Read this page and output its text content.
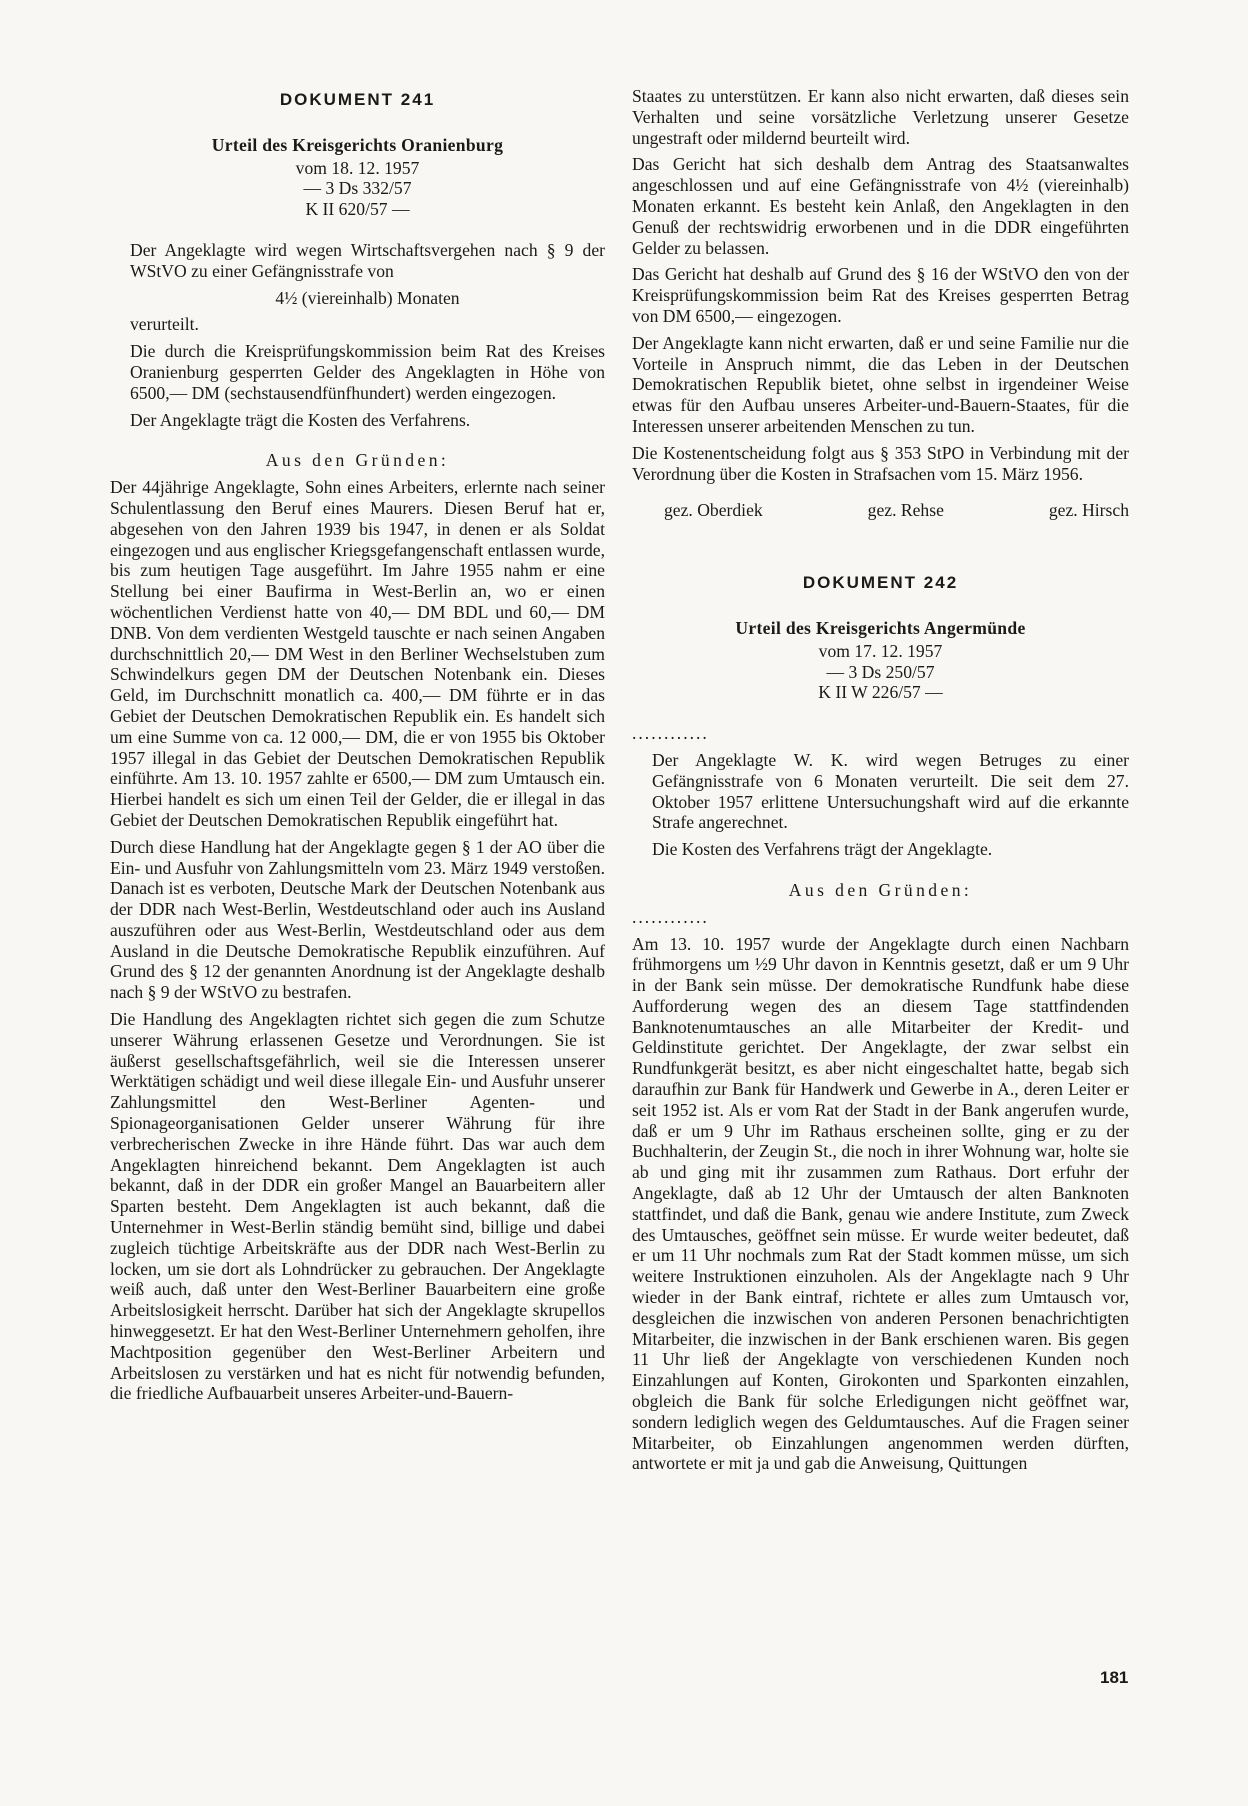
DOKUMENT 241
Urteil des Kreisgerichts Oranienburg
vom 18. 12. 1957
— 3 Ds 332/57
K II 620/57 —

Der Angeklagte wird wegen Wirtschaftsvergehen nach § 9 der WStVO zu einer Gefängnisstrafe von

4½ (viereinhalb) Monaten

verurteilt.

Die durch die Kreisprüfungskommission beim Rat des Kreises Oranienburg gesperrten Gelder des Angeklagten in Höhe von 6500,— DM (sechstausendfünfhundert) werden eingezogen.

Der Angeklagte trägt die Kosten des Verfahrens.

Aus den Gründen:

Der 44jährige Angeklagte, Sohn eines Arbeiters, erlernte nach seiner Schulentlassung den Beruf eines Maurers. Diesen Beruf hat er, abgesehen von den Jahren 1939 bis 1947, in denen er als Soldat eingezogen und aus englischer Kriegsgefangenschaft entlassen wurde, bis zum heutigen Tage ausgeführt. Im Jahre 1955 nahm er eine Stellung bei einer Baufirma in West-Berlin an, wo er einen wöchentlichen Verdienst hatte von 40,— DM BDL und 60,— DM DNB. Von dem verdienten Westgeld tauschte er nach seinen Angaben durchschnittlich 20,— DM West in den Berliner Wechselstuben zum Schwindelkurs gegen DM der Deutschen Notenbank ein. Dieses Geld, im Durchschnitt monatlich ca. 400,— DM führte er in das Gebiet der Deutschen Demokratischen Republik ein. Es handelt sich um eine Summe von ca. 12 000,— DM, die er von 1955 bis Oktober 1957 illegal in das Gebiet der Deutschen Demokratischen Republik einführte. Am 13. 10. 1957 zahlte er 6500,— DM zum Umtausch ein. Hierbei handelt es sich um einen Teil der Gelder, die er illegal in das Gebiet der Deutschen Demokratischen Republik eingeführt hat.

Durch diese Handlung hat der Angeklagte gegen § 1 der AO über die Ein- und Ausfuhr von Zahlungsmitteln vom 23. März 1949 verstoßen. Danach ist es verboten, Deutsche Mark der Deutschen Notenbank aus der DDR nach West-Berlin, Westdeutschland oder auch ins Ausland auszuführen oder aus West-Berlin, Westdeutschland oder aus dem Ausland in die Deutsche Demokratische Republik einzuführen. Auf Grund des § 12 der genannten Anordnung ist der Angeklagte deshalb nach § 9 der WStVO zu bestrafen.

Die Handlung des Angeklagten richtet sich gegen die zum Schutze unserer Währung erlassenen Gesetze und Verordnungen. Sie ist äußerst gesellschaftsgefährlich, weil sie die Interessen unserer Werktätigen schädigt und weil diese illegale Ein- und Ausfuhr unserer Zahlungsmittel den West-Berliner Agenten- und Spionageorganisationen Gelder unserer Währung für ihre verbrecherischen Zwecke in ihre Hände führt. Das war auch dem Angeklagten hinreichend bekannt. Dem Angeklagten ist auch bekannt, daß in der DDR ein großer Mangel an Bauarbeitern aller Sparten besteht. Dem Angeklagten ist auch bekannt, daß die Unternehmer in West-Berlin ständig bemüht sind, billige und dabei zugleich tüchtige Arbeitskräfte aus der DDR nach West-Berlin zu locken, um sie dort als Lohndrücker zu gebrauchen. Der Angeklagte weiß auch, daß unter den West-Berliner Bauarbeitern eine große Arbeitslosigkeit herrscht. Darüber hat sich der Angeklagte skrupellos hinweggesetzt. Er hat den West-Berliner Unternehmern geholfen, ihre Machtposition gegenüber den West-Berliner Arbeitern und Arbeitslosen zu verstärken und hat es nicht für notwendig befunden, die friedliche Aufbauarbeit unseres Arbeiter-und-Bauern-

Staates zu unterstützen. Er kann also nicht erwarten, daß dieses sein Verhalten und seine vorsätzliche Verletzung unserer Gesetze ungestraft oder mildernd beurteilt wird.

Das Gericht hat sich deshalb dem Antrag des Staatsanwaltes angeschlossen und auf eine Gefängnisstrafe von 4½ (viereinhalb) Monaten erkannt. Es besteht kein Anlaß, den Angeklagten in den Genuß der rechtswidrig erworbenen und in die DDR eingeführten Gelder zu belassen.

Das Gericht hat deshalb auf Grund des § 16 der WStVO den von der Kreisprüfungskommission beim Rat des Kreises gesperrten Betrag von DM 6500,— eingezogen.

Der Angeklagte kann nicht erwarten, daß er und seine Familie nur die Vorteile in Anspruch nimmt, die das Leben in der Deutschen Demokratischen Republik bietet, ohne selbst in irgendeiner Weise etwas für den Aufbau unseres Arbeiter-und-Bauern-Staates, für die Interessen unserer arbeitenden Menschen zu tun.

Die Kostenentscheidung folgt aus § 353 StPO in Verbindung mit der Verordnung über die Kosten in Strafsachen vom 15. März 1956.

gez. Oberdiek	gez. Rehse	gez. Hirsch
DOKUMENT 242
Urteil des Kreisgerichts Angermünde
vom 17. 12. 1957
— 3 Ds 250/57
K II W 226/57 —
............

Der Angeklagte W. K. wird wegen Betruges zu einer Gefängnisstrafe von 6 Monaten verurteilt. Die seit dem 27. Oktober 1957 erlittene Untersuchungshaft wird auf die erkannte Strafe angerechnet.

Die Kosten des Verfahrens trägt der Angeklagte.

Aus den Gründen:
............

Am 13. 10. 1957 wurde der Angeklagte durch einen Nachbarn frühmorgens um ½9 Uhr davon in Kenntnis gesetzt, daß er um 9 Uhr in der Bank sein müsse. Der demokratische Rundfunk habe diese Aufforderung wegen des an diesem Tage stattfindenden Banknotenumtausches an alle Mitarbeiter der Kredit- und Geldinstitute gerichtet. Der Angeklagte, der zwar selbst ein Rundfunkgerät besitzt, es aber nicht eingeschaltet hatte, begab sich daraufhin zur Bank für Handwerk und Gewerbe in A., deren Leiter er seit 1952 ist. Als er vom Rat der Stadt in der Bank angerufen wurde, daß er um 9 Uhr im Rathaus erscheinen sollte, ging er zu der Buchhalterin, der Zeugin St., die noch in ihrer Wohnung war, holte sie ab und ging mit ihr zusammen zum Rathaus. Dort erfuhr der Angeklagte, daß ab 12 Uhr der Umtausch der alten Banknoten stattfindet, und daß die Bank, genau wie andere Institute, zum Zweck des Umtausches, geöffnet sein müsse. Er wurde weiter bedeutet, daß er um 11 Uhr nochmals zum Rat der Stadt kommen müsse, um sich weitere Instruktionen einzuholen. Als der Angeklagte nach 9 Uhr wieder in der Bank eintraf, richtete er alles zum Umtausch vor, desgleichen die inzwischen von anderen Personen benachrichtigten Mitarbeiter, die inzwischen in der Bank erschienen waren. Bis gegen 11 Uhr ließ der Angeklagte von verschiedenen Kunden noch Einzahlungen auf Konten, Girokonten und Sparkonten einzahlen, obgleich die Bank für solche Erledigungen nicht geöffnet war, sondern lediglich wegen des Geldumtausches. Auf die Fragen seiner Mitarbeiter, ob Einzahlungen angenommen werden dürften, antwortete er mit ja und gab die Anweisung, Quittungen

181
